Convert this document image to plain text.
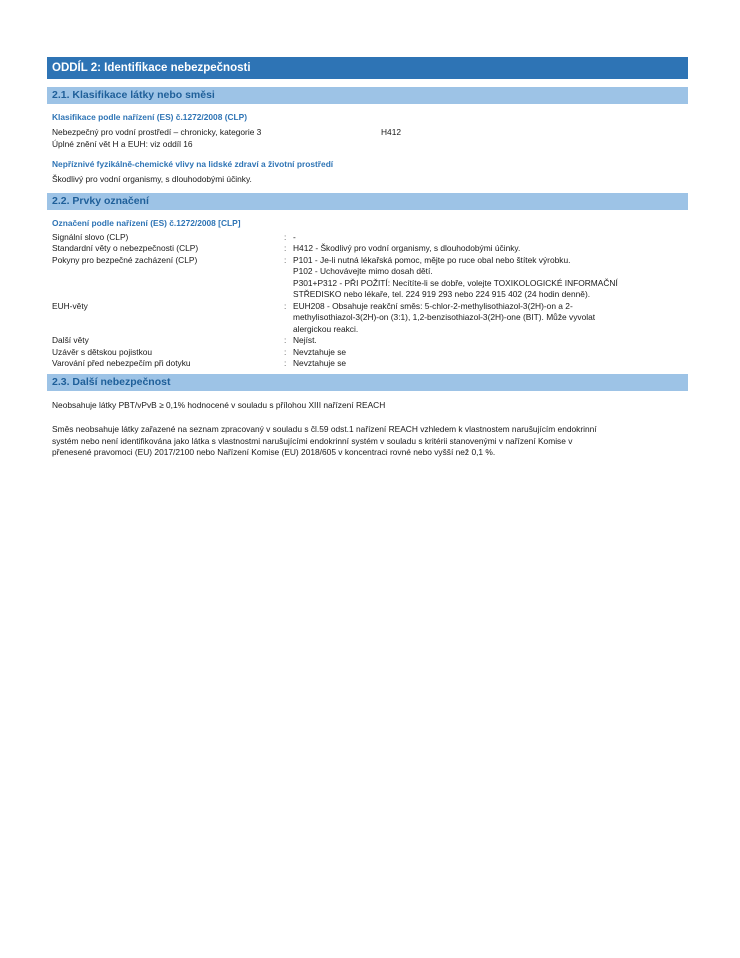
ODDÍL 2: Identifikace nebezpečnosti
2.1. Klasifikace látky nebo směsi
Klasifikace podle nařízení (ES) č.1272/2008 (CLP)
Nebezpečný pro vodní prostředí – chronicky, kategorie 3	H412
Úplné znění vět H a EUH: viz oddíl 16
Nepříznivé fyzikálně-chemické vlivy na lidské zdraví a životní prostředí
Škodlivý pro vodní organismy, s dlouhodobými účinky.
2.2. Prvky označení
Označení podle nařízení (ES) č.1272/2008 [CLP]
Signální slovo (CLP)	: -
Standardní věty o nebezpečnosti (CLP)	: H412 - Škodlivý pro vodní organismy, s dlouhodobými účinky.
Pokyny pro bezpečné zacházení (CLP)	: P101 - Je-li nutná lékařská pomoc, mějte po ruce obal nebo štítek výrobku.
P102 - Uchovávejte mimo dosah dětí.
P301+P312 - PŘI POŽITÍ: Necítíte-li se dobře, volejte TOXIKOLOGICKÉ INFORMAČNÍ
STŘEDISKO nebo lékaře, tel. 224 919 293 nebo 224 915 402 (24 hodin denně).
EUH-věty	: EUH208 - Obsahuje reakční směs: 5-chlor-2-methylisothiazol-3(2H)-on a 2-
methylisothiazol-3(2H)-on (3:1), 1,2-benzisothiazol-3(2H)-one (BIT). Může vyvolat
alergickou reakci.
Další věty	: Nejíst.
Uzávěr s dětskou pojistkou	: Nevztahuje se
Varování před nebezpečím při dotyku	: Nevztahuje se
2.3. Další nebezpečnost
Neobsahuje látky PBT/vPvB ≥ 0,1% hodnocené v souladu s přílohou XIII nařízení REACH
Směs neobsahuje látky zařazené na seznam zpracovaný v souladu s čl.59 odst.1 nařízení REACH vzhledem k vlastnostem narušujícím endokrinní
systém nebo není identifikována jako látka s vlastnostmi narušujícími endokrinní systém v souladu s kritérii stanovenými v nařízení Komise v
přenesené pravomoci (EU) 2017/2100 nebo Nařízení Komise (EU) 2018/605 v koncentraci rovné nebo vyšší než 0,1 %.
